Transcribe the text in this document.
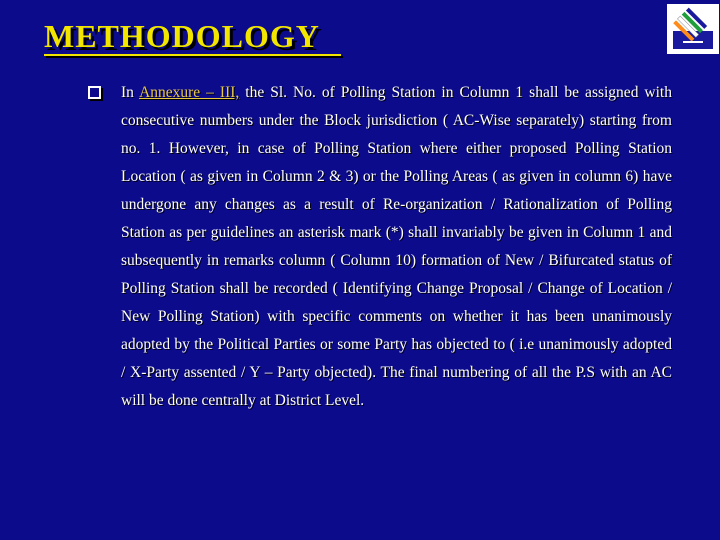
METHODOLOGY

In Annexure – III, the Sl. No. of Polling Station in Column 1 shall be assigned with consecutive numbers under the Block jurisdiction ( AC-Wise separately) starting from no. 1. However, in case of Polling Station where either proposed Polling Station Location ( as given in Column 2 & 3) or the Polling Areas ( as given in column 6) have undergone any changes as a result of Re-organization / Rationalization of Polling Station as per guidelines an asterisk mark (*) shall invariably be given in Column 1 and subsequently in remarks column ( Column 10) formation of New / Bifurcated status of Polling Station shall be recorded ( Identifying Change Proposal / Change of Location / New Polling Station) with specific comments on whether it has been unanimously adopted by the Political Parties or some Party has objected to ( i.e unanimously adopted / X-Party assented / Y – Party objected). The final numbering of all the P.S with an AC will be done centrally at District Level.
